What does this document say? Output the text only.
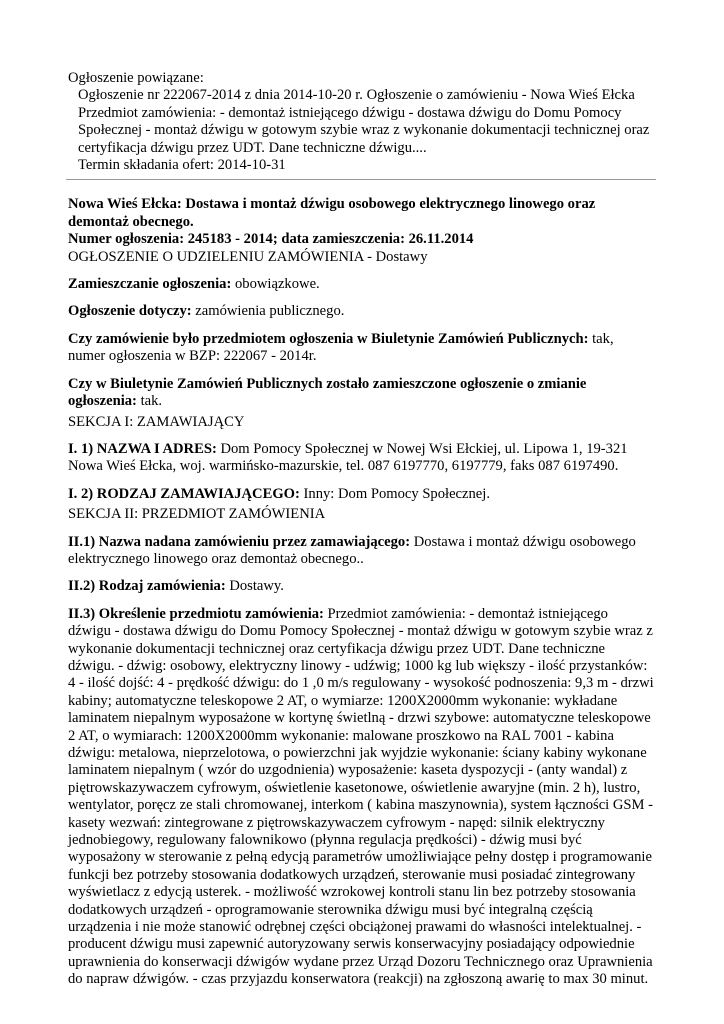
Ogłoszenie powiązane:

Ogłoszenie nr 222067-2014 z dnia 2014-10-20 r. Ogłoszenie o zamówieniu - Nowa Wieś Ełcka

Przedmiot zamówienia: - demontaż istniejącego dźwigu - dostawa dźwigu do Domu Pomocy

Społecznej - montaż dźwigu w gotowym szybie wraz z wykonanie dokumentacji technicznej oraz

certyfikacja dźwigu przez UDT. Dane techniczne dźwigu....

Termin składania ofert: 2014-10-31

Nowa Wieś Ełcka: Dostawa i montaż dźwigu osobowego elektrycznego linowego oraz

demontaż obecnego.

Numer ogłoszenia: 245183 - 2014; data zamieszczenia: 26.11.2014

OGŁOSZENIE O UDZIELENIU ZAMÓWIENIA - Dostawy

Zamieszczanie ogłoszenia: obowiązkowe.

Ogłoszenie dotyczy: zamówienia publicznego.

Czy zamówienie było przedmiotem ogłoszenia w Biuletynie Zamówień Publicznych: tak,

numer ogłoszenia w BZP: 222067 - 2014r.

Czy w Biuletynie Zamówień Publicznych zostało zamieszczone ogłoszenie o zmianie

ogłoszenia: tak.

SEKCJA I: ZAMAWIAJĄCY

I. 1) NAZWA I ADRES: Dom Pomocy Społecznej w Nowej Wsi Ełckiej, ul. Lipowa 1, 19-321

Nowa Wieś Ełcka, woj. warmińsko-mazurskie, tel. 087 6197770, 6197779, faks 087 6197490.

I. 2) RODZAJ ZAMAWIAJĄCEGO: Inny: Dom Pomocy Społecznej.

SEKCJA II: PRZEDMIOT ZAMÓWIENIA

II.1) Nazwa nadana zamówieniu przez zamawiającego: Dostawa i montaż dźwigu osobowego

elektrycznego linowego oraz demontaż obecnego..

II.2) Rodzaj zamówienia: Dostawy.

II.3) Określenie przedmiotu zamówienia: Przedmiot zamówienia: - demontaż istniejącego

dźwigu - dostawa dźwigu do Domu Pomocy Społecznej - montaż dźwigu w gotowym szybie wraz z

wykonanie dokumentacji technicznej oraz certyfikacja dźwigu przez UDT. Dane techniczne

dźwigu. - dźwig: osobowy, elektryczny linowy - udźwig; 1000 kg lub większy - ilość przystanków:

4 - ilość dojść: 4 - prędkość dźwigu: do 1 ,0 m/s regulowany - wysokość podnoszenia: 9,3 m - drzwi

kabiny; automatyczne teleskopowe 2 AT, o wymiarze: 1200X2000mm wykonanie: wykładane

laminatem niepalnym wyposażone w kortynę świetlną - drzwi szybowe: automatyczne teleskopowe

2 AT, o wymiarach: 1200X2000mm wykonanie: malowane proszkowo na RAL 7001 - kabina

dźwigu: metalowa, nieprzelotowa, o powierzchni jak wyjdzie wykonanie: ściany kabiny wykonane

laminatem niepalnym ( wzór do uzgodnienia) wyposażenie: kaseta dyspozycji - (anty wandal) z

piętrowskazywaczem cyfrowym, oświetlenie kasetonowe, oświetlenie awaryjne (min. 2 h), lustro,

wentylator, poręcz ze stali chromowanej, interkom ( kabina maszynownia), system łączności GSM -

kasety wezwań: zintegrowane z piętrowskazywaczem cyfrowym - napęd: silnik elektryczny

jednobiegowy, regulowany falownikowo (płynna regulacja prędkości) - dźwig musi być

wyposażony w sterowanie z pełną edycją parametrów umożliwiające pełny dostęp i programowanie

funkcji bez potrzeby stosowania dodatkowych urządzeń, sterowanie musi posiadać zintegrowany

wyświetlacz z edycją usterek. - możliwość wzrokowej kontroli stanu lin bez potrzeby stosowania

dodatkowych urządzeń - oprogramowanie sterownika dźwigu musi być integralną częścią

urządzenia i nie może stanowić odrębnej części obciążonej prawami do własności intelektualnej. -

producent dźwigu musi zapewnić autoryzowany serwis konserwacyjny posiadający odpowiednie

uprawnienia do konserwacji dźwigów wydane przez Urząd Dozoru Technicznego oraz Uprawnienia

do napraw dźwigów. - czas przyjazdu konserwatora (reakcji) na zgłoszoną awarię to max 30 minut.
